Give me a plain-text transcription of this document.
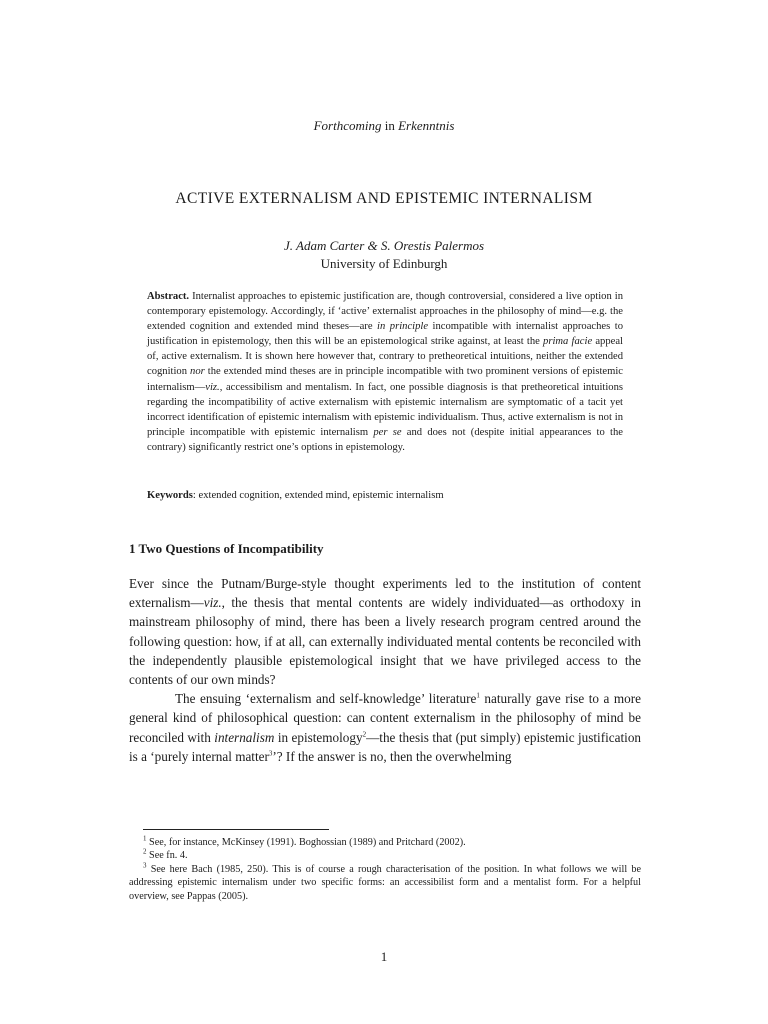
Forthcoming in Erkenntnis
ACTIVE EXTERNALISM AND EPISTEMIC INTERNALISM
J. Adam Carter & S. Orestis Palermos
University of Edinburgh
Abstract. Internalist approaches to epistemic justification are, though controversial, considered a live option in contemporary epistemology. Accordingly, if ‘active’ externalist approaches in the philosophy of mind—e.g. the extended cognition and extended mind theses—are in principle incompatible with internalist approaches to justification in epistemology, then this will be an epistemological strike against, at least the prima facie appeal of, active externalism. It is shown here however that, contrary to pretheoretical intuitions, neither the extended cognition nor the extended mind theses are in principle incompatible with two prominent versions of epistemic internalism—viz., accessibilism and mentalism. In fact, one possible diagnosis is that pretheoretical intuitions regarding the incompatibility of active externalism with epistemic internalism are symptomatic of a tacit yet incorrect identification of epistemic internalism with epistemic individualism. Thus, active externalism is not in principle incompatible with epistemic internalism per se and does not (despite initial appearances to the contrary) significantly restrict one’s options in epistemology.
Keywords: extended cognition, extended mind, epistemic internalism
1 Two Questions of Incompatibility

Ever since the Putnam/Burge-style thought experiments led to the institution of content externalism—viz., the thesis that mental contents are widely individuated—as orthodoxy in mainstream philosophy of mind, there has been a lively research program centred around the following question: how, if at all, can externally individuated mental contents be reconciled with the independently plausible epistemological insight that we have privileged access to the contents of our own minds?

The ensuing ‘externalism and self-knowledge’ literature$^1$ naturally gave rise to a more general kind of philosophical question: can content externalism in the philosophy of mind be reconciled with internalism in epistemology$^2$—the thesis that (put simply) epistemic justification is a ‘purely internal matter$^3$’? If the answer is no, then the overwhelming

$^1$ See, for instance, McKinsey (1991). Boghossian (1989) and Pritchard (2002).
$^2$ See fn. 4.
$^3$ See here Bach (1985, 250). This is of course a rough characterisation of the position. In what follows we will be addressing epistemic internalism under two specific forms: an accessibilist form and a mentalist form. For a helpful overview, see Pappas (2005).
1
